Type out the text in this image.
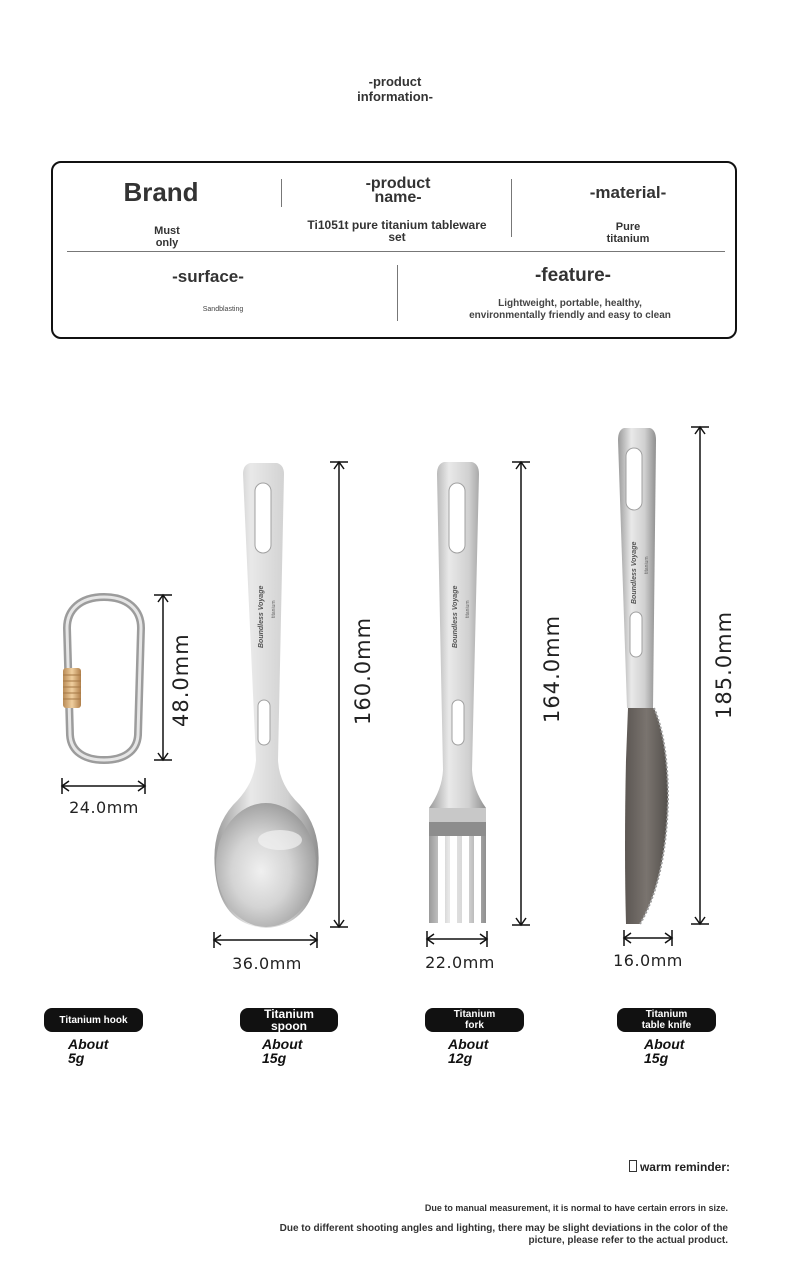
-product
information-
Brand
Must
only
-product
name-
Ti1051t pure titanium tableware
set
-material-
Pure
titanium
-surface-
Sandblasting
-feature-
Lightweight, portable, healthy,
environmentally friendly and easy to clean
Boundless Voyage titanium	Boundless Voyage titanium
Boundless Voyage titanium
48.0mm
24.0mm
160.0mm
36.0mm
164.0mm
22.0mm
185.0mm
16.0mm
Titanium hook	Titanium
spoon
Titanium
fork
Titanium
table knife
About
5g
About
15g
About
12g
About
15g
warm reminder:
Due to manual measurement, it is normal to have certain errors in size.
Due to different shooting angles and lighting, there may be slight deviations in the color of the
picture, please refer to the actual product.
